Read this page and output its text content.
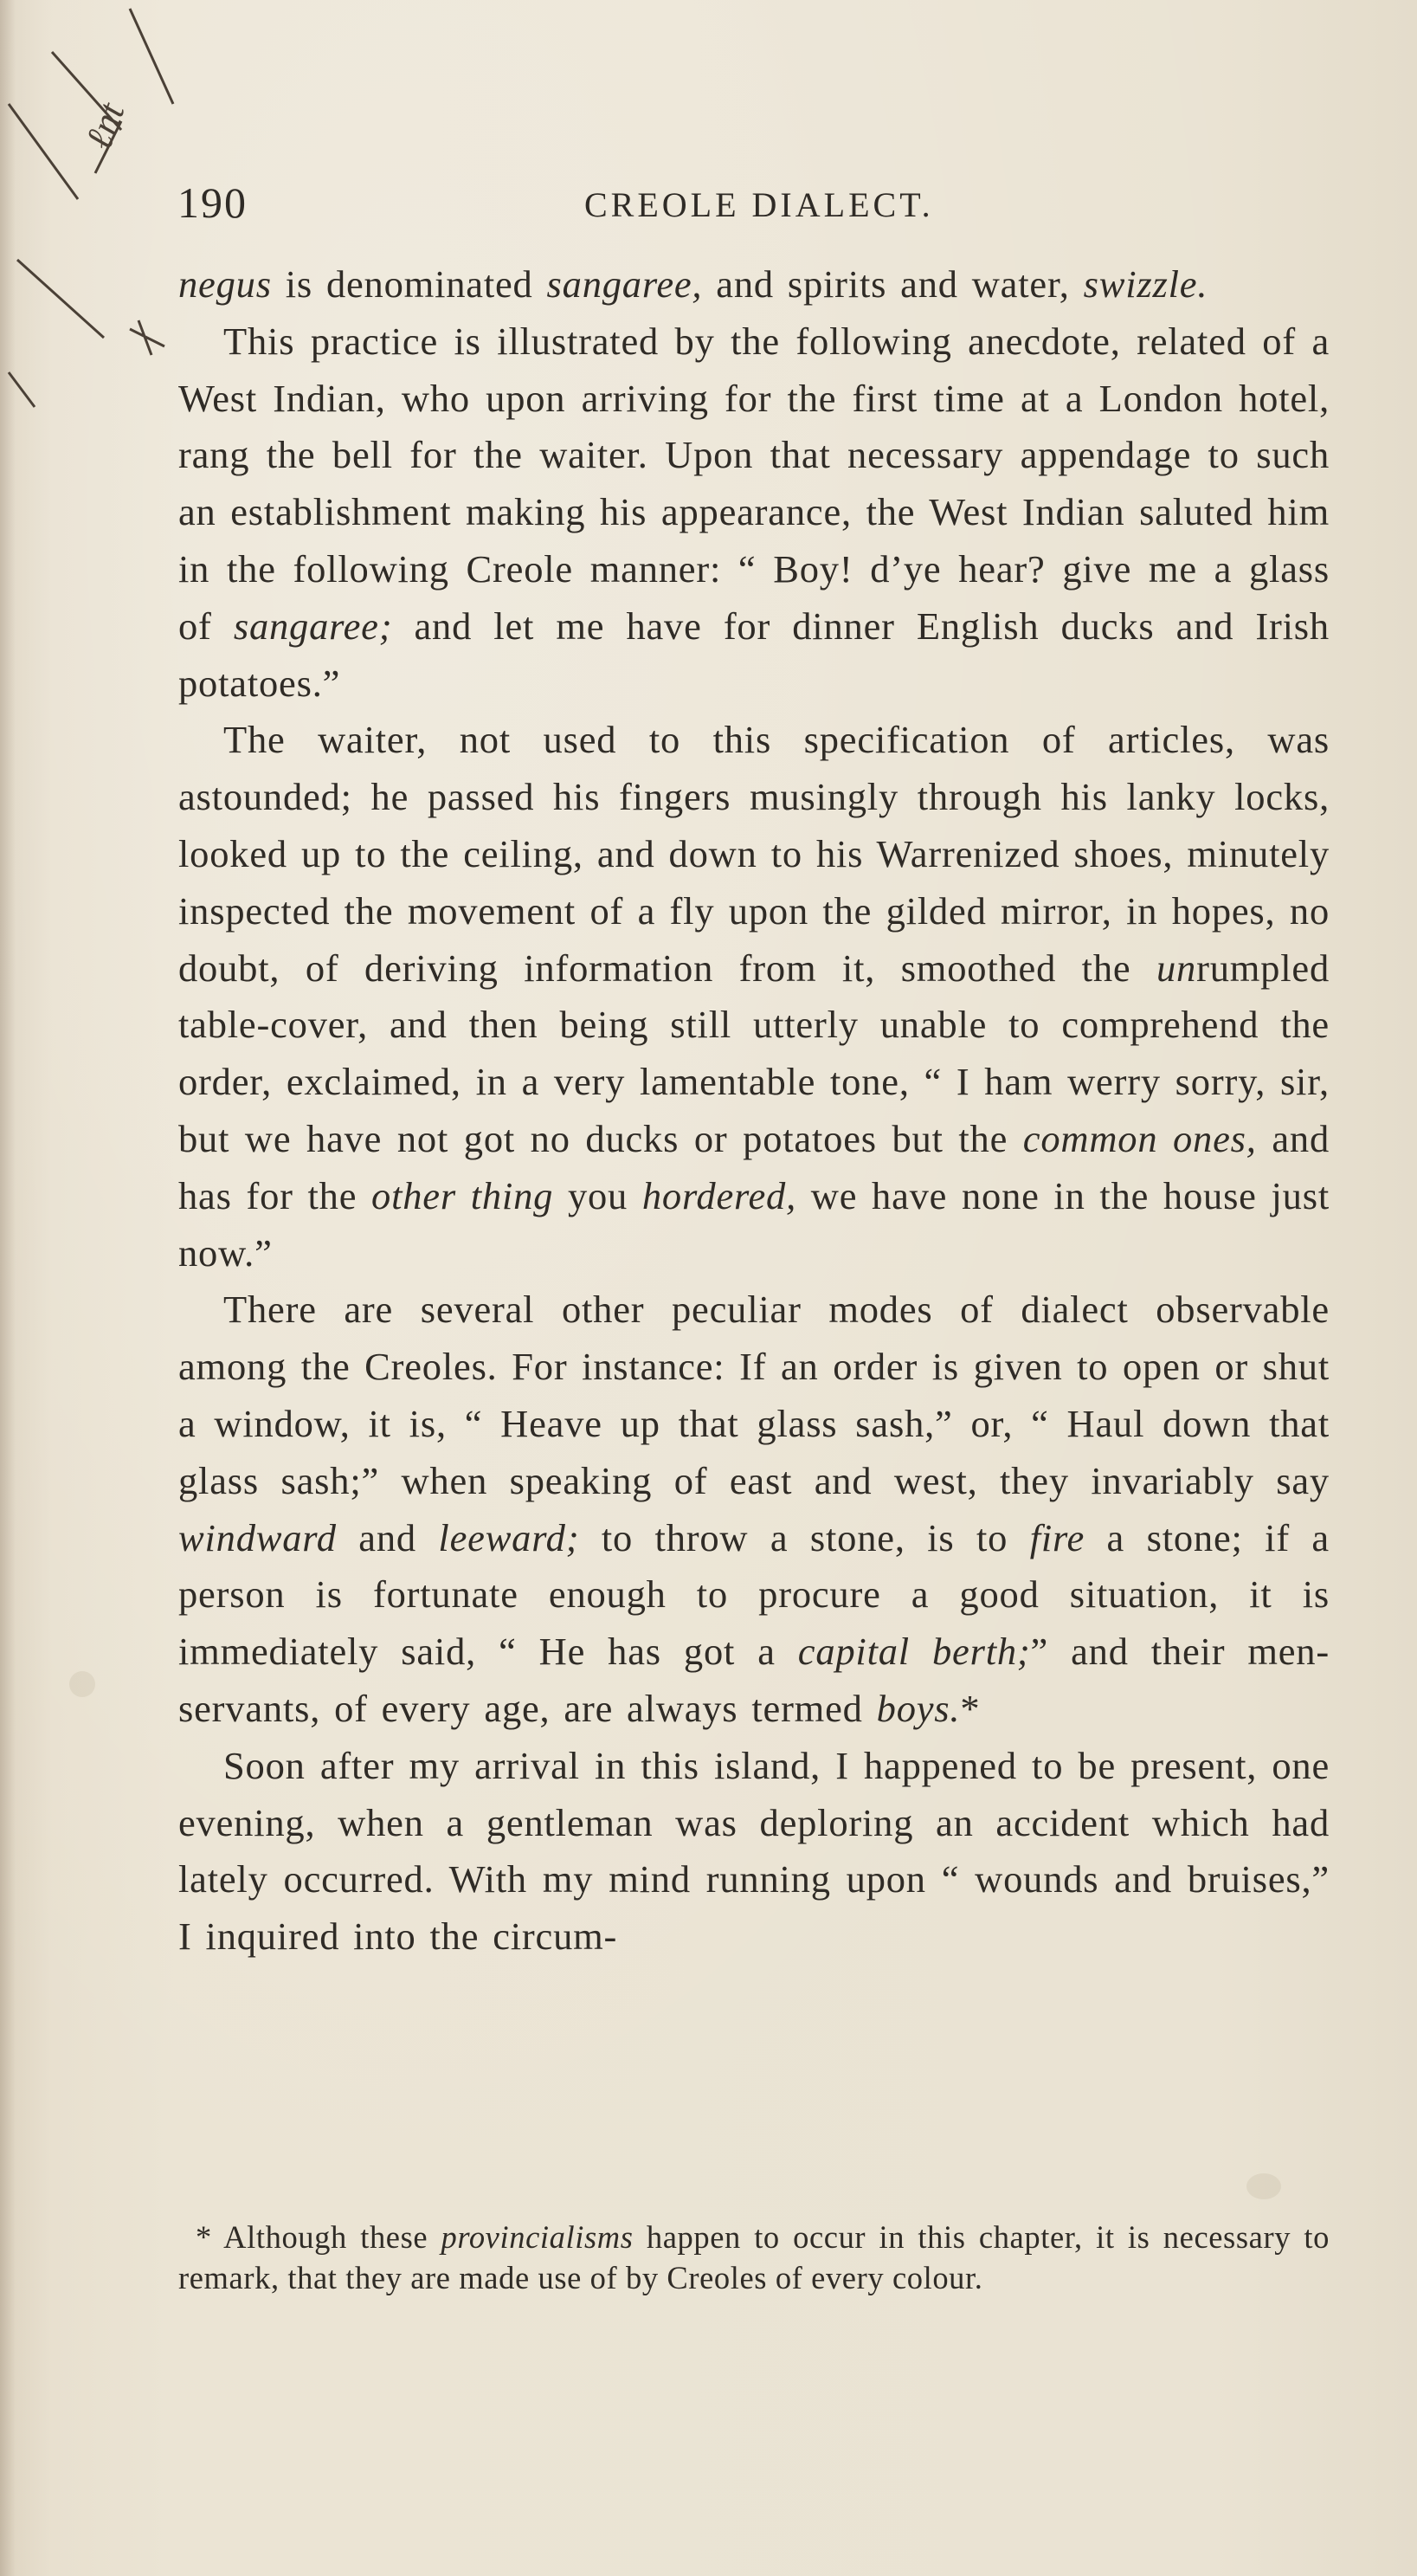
ℓnt
190	CREOLE DIALECT.

negus is denominated sangaree, and spirits and water, swizzle.

This practice is illustrated by the following anecdote, related of a West Indian, who upon arriving for the first time at a London hotel, rang the bell for the waiter. Upon that necessary appendage to such an establishment making his appearance, the West Indian saluted him in the following Creole manner: “ Boy! d’ye hear? give me a glass of sangaree; and let me have for dinner English ducks and Irish potatoes.”

The waiter, not used to this specification of articles, was astounded; he passed his fingers musingly through his lanky locks, looked up to the ceiling, and down to his Warrenized shoes, minutely inspected the movement of a fly upon the gilded mirror, in hopes, no doubt, of deriving information from it, smoothed the unrumpled table-cover, and then being still utterly unable to comprehend the order, exclaimed, in a very lamentable tone, “ I ham werry sorry, sir, but we have not got no ducks or potatoes but the common ones, and has for the other thing you hordered, we have none in the house just now.”

There are several other peculiar modes of dialect observable among the Creoles. For instance: If an order is given to open or shut a window, it is, “ Heave up that glass sash,” or, “ Haul down that glass sash;” when speaking of east and west, they invariably say windward and leeward; to throw a stone, is to fire a stone; if a person is fortunate enough to procure a good situation, it is immediately said, “ He has got a capital berth;” and their men-servants, of every age, are always termed boys.*

Soon after my arrival in this island, I happened to be present, one evening, when a gentleman was deploring an accident which had lately occurred. With my mind running upon “ wounds and bruises,” I inquired into the circum-

* Although these provincialisms happen to occur in this chapter, it is necessary to remark, that they are made use of by Creoles of every colour.
